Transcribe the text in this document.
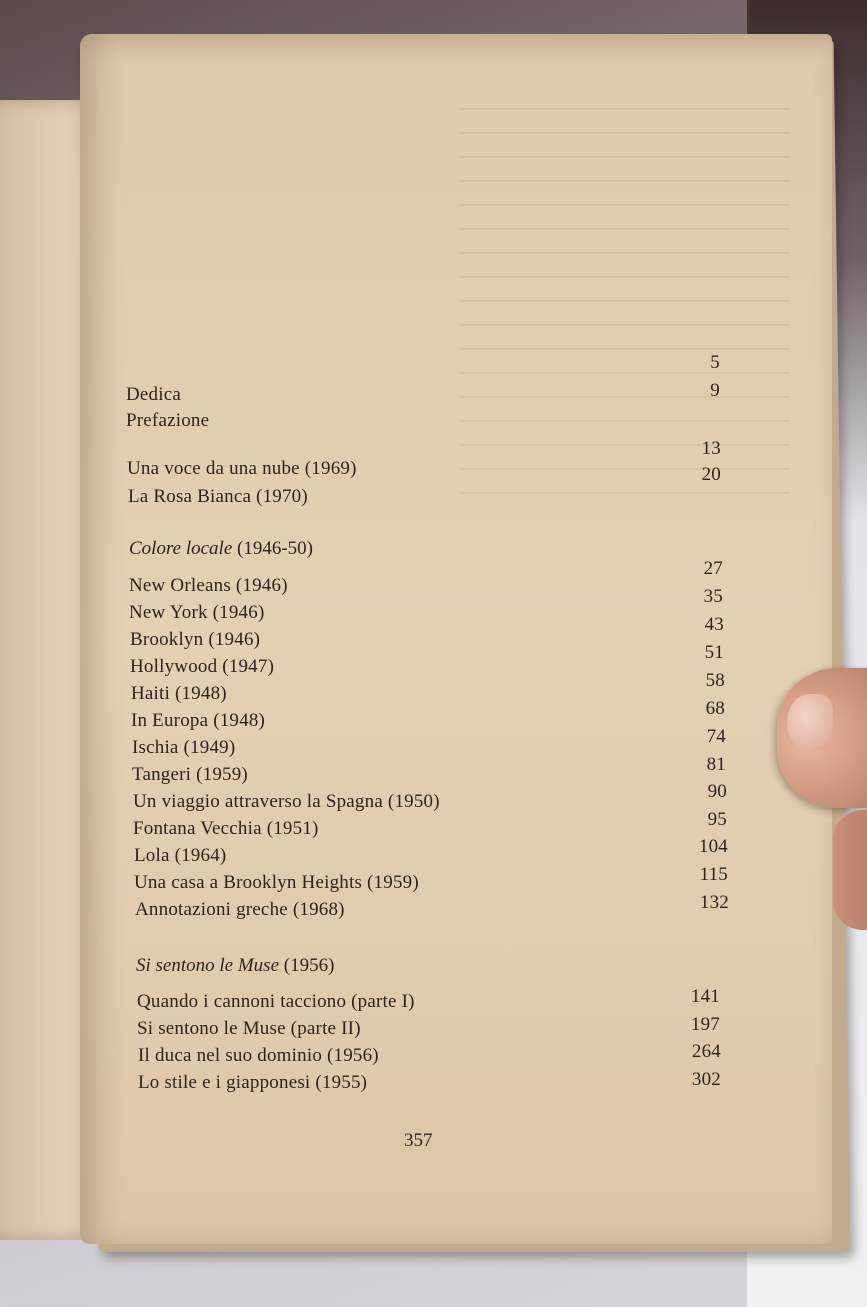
5
Dedica	9
Prefazione
13
Una voce da una nube (1969)	20
La Rosa Bianca (1970)
Colore locale (1946-50)
27
New Orleans (1946)
35
New York (1946)
43
Brooklyn (1946)
51
Hollywood (1947)
58
Haiti (1948)
68
In Europa (1948)
74
Ischia (1949)
81
Tangeri (1959)
90
Un viaggio attraverso la Spagna (1950)
95
Fontana Vecchia (1951)
104
Lola (1964)
115
Una casa a Brooklyn Heights (1959)
132
Annotazioni greche (1968)
Si sentono le Muse (1956)
141
Quando i cannoni tacciono (parte I)
197
Si sentono le Muse (parte II)
264
Il duca nel suo dominio (1956)
302
Lo stile e i giapponesi (1955)
357
